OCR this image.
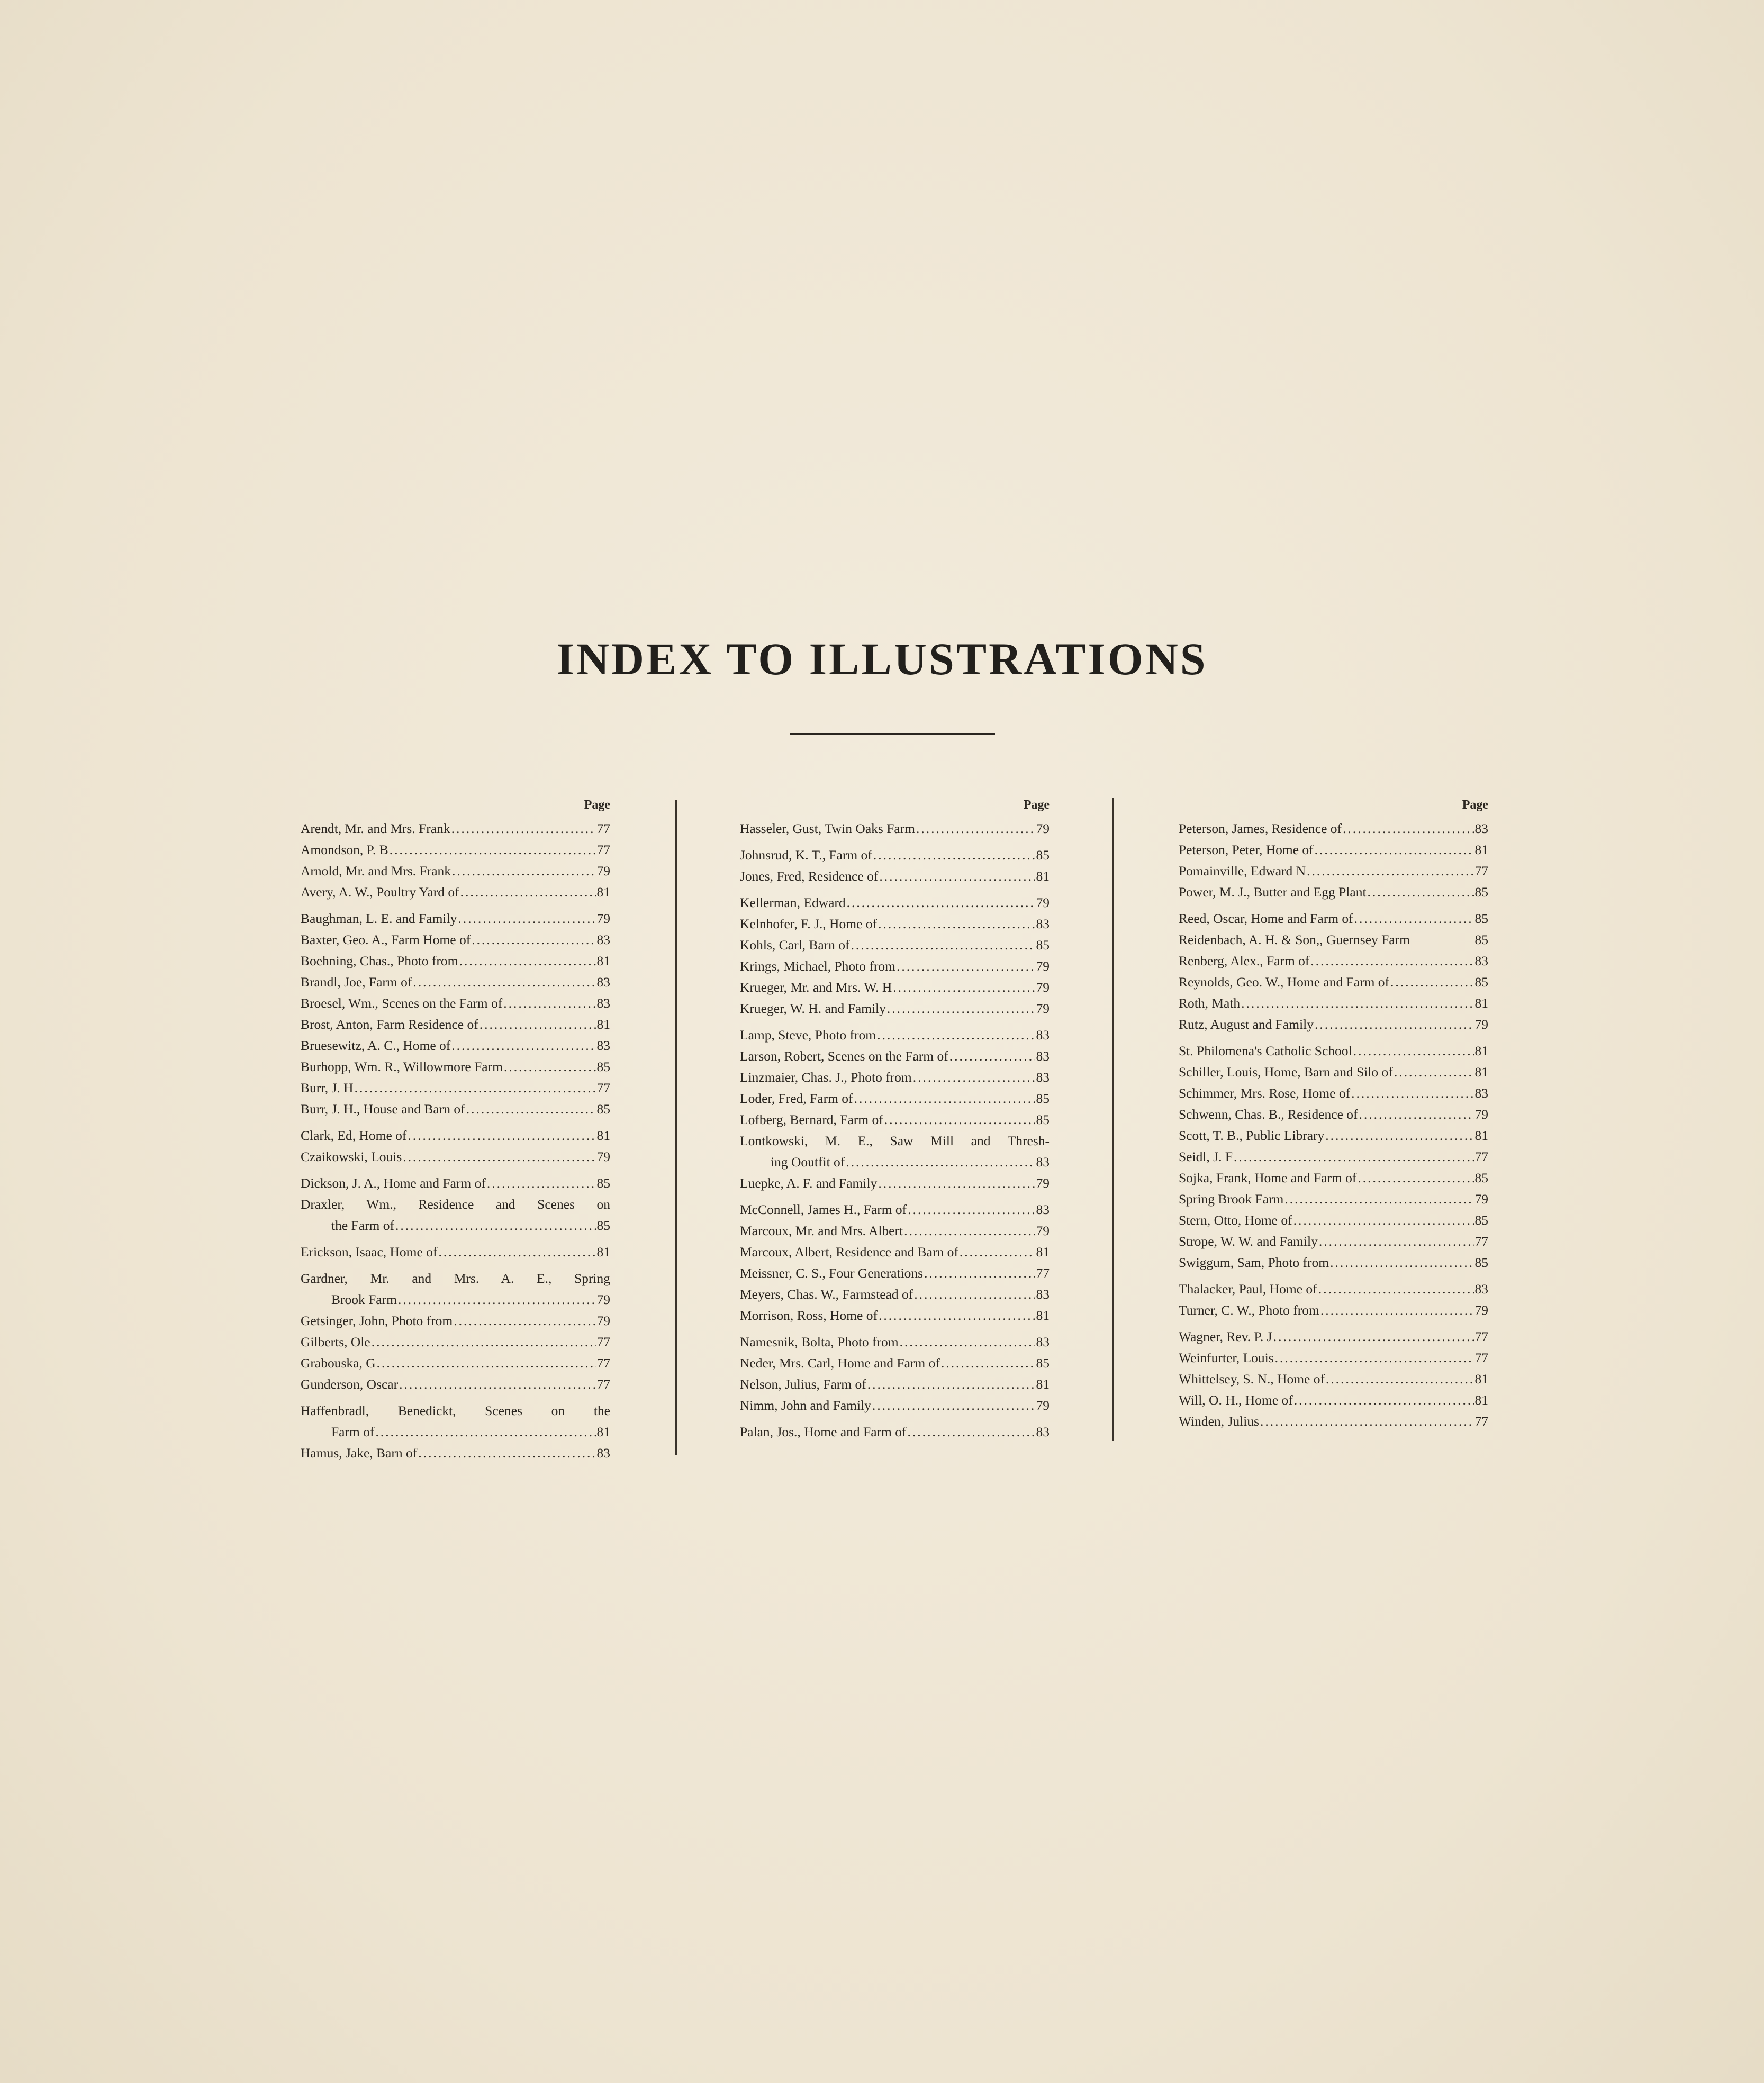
INDEX TO ILLUSTRATIONS
Page
Arendt, Mr. and Mrs. Frank .....	77
Amondson, P. B .....	77
Arnold, Mr. and Mrs. Frank .....	79
Avery, A. W., Poultry Yard of .....	81
Baughman, L. E. and Family .....	79
Baxter, Geo. A., Farm Home of .....	83
Boehning, Chas., Photo from .....	81
Brandl, Joe, Farm of .....	83
Broesel, Wm., Scenes on the Farm of .....	83
Brost, Anton, Farm Residence of .....	81
Bruesewitz, A. C., Home of .....	83
Burhopp, Wm. R., Willowmore Farm .....	85
Burr, J. H .....	77
Burr, J. H., House and Barn of .....	85
Clark, Ed, Home of .....	81
Czaikowski, Louis .....	79
Dickson, J. A., Home and Farm of .....	85
Draxler, Wm., Residence and Scenes on
the Farm of .....	85
Erickson, Isaac, Home of .....	81
Gardner, Mr. and Mrs. A. E., Spring
Brook Farm .....	79
Getsinger, John, Photo from .....	79
Gilberts, Ole .....	77
Grabouska, G .....	77
Gunderson, Oscar .....	77
Haffenbradl, Benedickt, Scenes on the
Farm of .....	81
Hamus, Jake, Barn of .....	83
Page
Hasseler, Gust, Twin Oaks Farm .....	79
Johnsrud, K. T., Farm of .....	85
Jones, Fred, Residence of .....	81
Kellerman, Edward .....	79
Kelnhofer, F. J., Home of .....	83
Kohls, Carl, Barn of .....	85
Krings, Michael, Photo from .....	79
Krueger, Mr. and Mrs. W. H .....	79
Krueger, W. H. and Family .....	79
Lamp, Steve, Photo from .....	83
Larson, Robert, Scenes on the Farm of .....	83
Linzmaier, Chas. J., Photo from .....	83
Loder, Fred, Farm of .....	85
Lofberg, Bernard, Farm of .....	85
Lontkowski, M. E., Saw Mill and Thresh-
ing Ooutfit of .....	83
Luepke, A. F. and Family .....	79
McConnell, James H., Farm of .....	83
Marcoux, Mr. and Mrs. Albert .....	79
Marcoux, Albert, Residence and Barn of .....	81
Meissner, C. S., Four Generations .....	77
Meyers, Chas. W., Farmstead of .....	83
Morrison, Ross, Home of .....	81
Namesnik, Bolta, Photo from .....	83
Neder, Mrs. Carl, Home and Farm of .....	85
Nelson, Julius, Farm of .....	81
Nimm, John and Family .....	79
Palan, Jos., Home and Farm of .....	83
Page
Peterson, James, Residence of .....	83
Peterson, Peter, Home of .....	81
Pomainville, Edward N .....	77
Power, M. J., Butter and Egg Plant .....	85
Reed, Oscar, Home and Farm of .....	85
Reidenbach, A. H. & Son,, Guernsey Farm	85
Renberg, Alex., Farm of .....	83
Reynolds, Geo. W., Home and Farm of .....	85
Roth, Math .....	81
Rutz, August and Family .....	79
St. Philomena's Catholic School .....	81
Schiller, Louis, Home, Barn and Silo of .....	81
Schimmer, Mrs. Rose, Home of .....	83
Schwenn, Chas. B., Residence of .....	79
Scott, T. B., Public Library .....	81
Seidl, J. F .....	77
Sojka, Frank, Home and Farm of .....	85
Spring Brook Farm .....	79
Stern, Otto, Home of .....	85
Strope, W. W. and Family .....	77
Swiggum, Sam, Photo from .....	85
Thalacker, Paul, Home of .....	83
Turner, C. W., Photo from .....	79
Wagner, Rev. P. J .....	77
Weinfurter, Louis .....	77
Whittelsey, S. N., Home of .....	81
Will, O. H., Home of .....	81
Winden, Julius .....	77
